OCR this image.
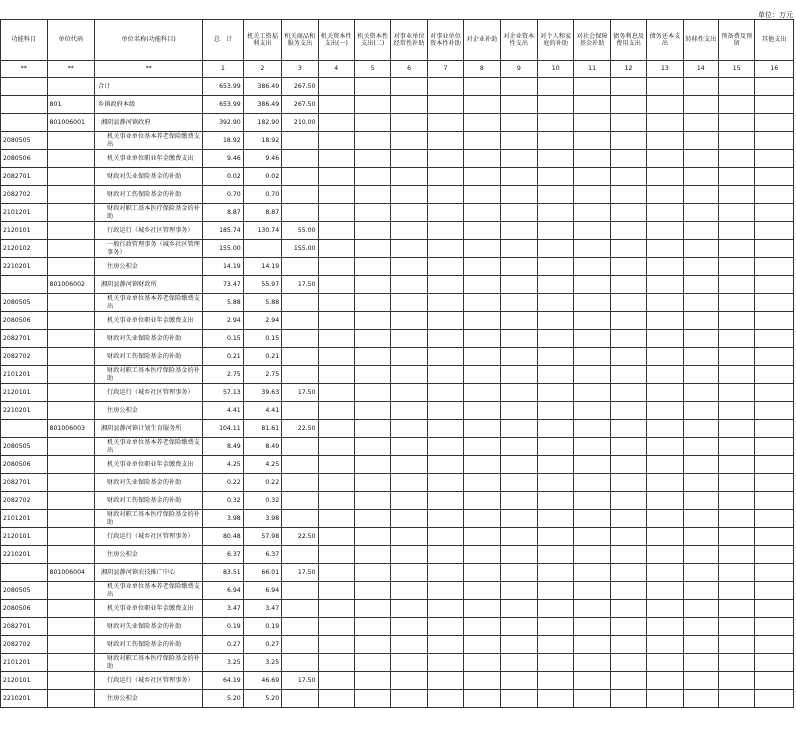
单位：万元
功能科目	单位代码	单位名称(功能科目)	总　计	机关工资福利支出	机关商品和服务支出	机关资本性支出(一)	机关资本性支出(二)	对事业单位经常性补助	对事业单位资本性补助	对企业补助	对企业资本性支出	对个人和家庭的补助	对社会保障基金补助	债务利息及费用支出	债务还本支出	转移性支出	预备费及预留	其他支出
**	**	**	1	2	3	4	5	6	7	8	9	10	11	12	13	14	15	16
		合计	653.99	386.49	267.50													
	801	乡镇政府本级	653.99	386.49	267.50													
	801006001	湘阴县静河镇政府	392.90	182.90	210.00													
2080505		机关事业单位基本养老保险缴费支出	18.92	18.92														
2080506		机关事业单位职业年金缴费支出	9.46	9.46														
2082701		财政对失业保险基金的补助	0.02	0.02														
2082702		财政对工伤保险基金的补助	0.70	0.70														
2101201		财政对职工基本医疗保险基金的补助	8.87	8.87														
2120101		行政运行（城乡社区管理事务）	185.74	130.74	55.00													
2120102		一般行政管理事务（城乡社区管理事务）	155.00		155.00													
2210201		住房公积金	14.19	14.19														
	801006002	湘阴县静河镇财政所	73.47	55.97	17.50													
2080505		机关事业单位基本养老保险缴费支出	5.88	5.88														
2080506		机关事业单位职业年金缴费支出	2.94	2.94														
2082701		财政对失业保险基金的补助	0.15	0.15														
2082702		财政对工伤保险基金的补助	0.21	0.21														
2101201		财政对职工基本医疗保险基金的补助	2.75	2.75														
2120101		行政运行（城乡社区管理事务）	57.13	39.63	17.50													
2210201		住房公积金	4.41	4.41														
	801006003	湘阴县静河镇计划生育服务所	104.11	81.61	22.50													
2080505		机关事业单位基本养老保险缴费支出	8.49	8.49														
2080506		机关事业单位职业年金缴费支出	4.25	4.25														
2082701		财政对失业保险基金的补助	0.22	0.22														
2082702		财政对工伤保险基金的补助	0.32	0.32														
2101201		财政对职工基本医疗保险基金的补助	3.98	3.98														
2120101		行政运行（城乡社区管理事务）	80.48	57.98	22.50													
2210201		住房公积金	6.37	6.37														
	801006004	湘阴县静河镇农技推广中心	83.51	66.01	17.50													
2080505		机关事业单位基本养老保险缴费支出	6.94	6.94														
2080506		机关事业单位职业年金缴费支出	3.47	3.47														
2082701		财政对失业保险基金的补助	0.19	0.19														
2082702		财政对工伤保险基金的补助	0.27	0.27														
2101201		财政对职工基本医疗保险基金的补助	3.25	3.25														
2120101		行政运行（城乡社区管理事务）	64.19	46.69	17.50													
2210201		住房公积金	5.20	5.20														
